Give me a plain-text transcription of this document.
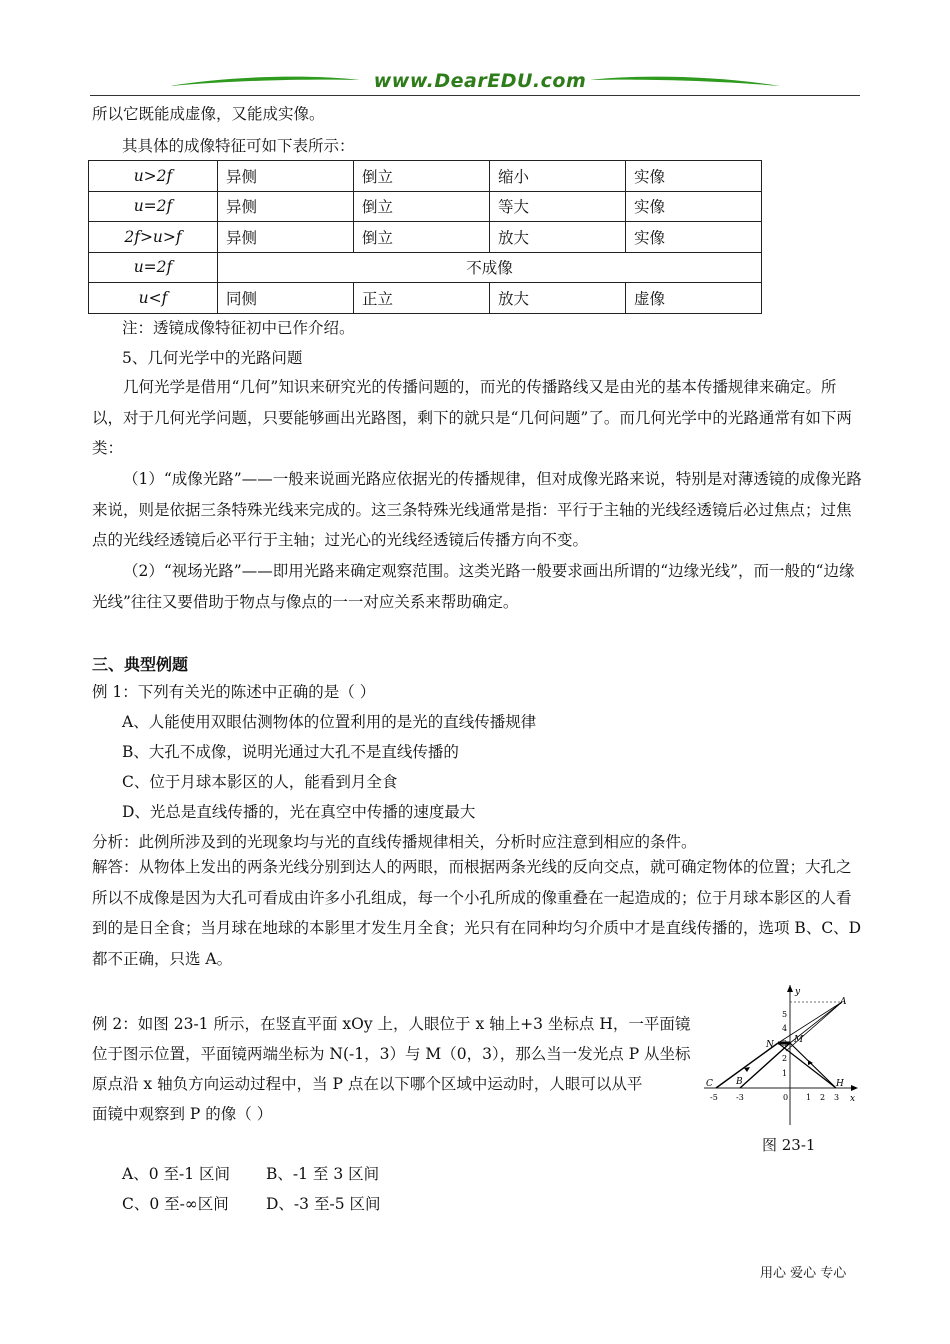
www.DearEDU.com
所以它既能成虚像，又能成实像。
其具体的成像特征可如下表所示：
u>2f	异侧	倒立	缩小	实像
u=2f	异侧	倒立	等大	实像
2f>u>f	异侧	倒立	放大	实像
u=2f	不成像			
u<f	同侧	正立	放大	虚像
注：透镜成像特征初中已作介绍。
5、几何光学中的光路问题
几何光学是借用“几何”知识来研究光的传播问题的，而光的传播路线又是由光的基本传播规律来确定。所以，对于几何光学问题，只要能够画出光路图，剩下的就只是“几何问题”了。而几何光学中的光路通常有如下两类：
（1）“成像光路”——一般来说画光路应依据光的传播规律，但对成像光路来说，特别是对薄透镜的成像光路来说，则是依据三条特殊光线来完成的。这三条特殊光线通常是指：平行于主轴的光线经透镜后必过焦点；过焦点的光线经透镜后必平行于主轴；过光心的光线经透镜后传播方向不变。
（2）“视场光路”——即用光路来确定观察范围。这类光路一般要求画出所谓的“边缘光线”，而一般的“边缘光线”往往又要借助于物点与像点的一一对应关系来帮助确定。
三、典型例题
例 1：下列有关光的陈述中正确的是（ ）
A、人能使用双眼估测物体的位置利用的是光的直线传播规律
B、大孔不成像，说明光通过大孔不是直线传播的
C、位于月球本影区的人，能看到月全食
D、光总是直线传播的，光在真空中传播的速度最大
分析：此例所涉及到的光现象均与光的直线传播规律相关，分析时应注意到相应的条件。
解答：从物体上发出的两条光线分别到达人的两眼，而根据两条光线的反向交点，就可确定物体的位置；大孔之所以不成像是因为大孔可看成由许多小孔组成，每一个小孔所成的像重叠在一起造成的；位于月球本影区的人看到的是日全食；当月球在地球的本影里才发生月全食；光只有在同种均匀介质中才是直线传播的，选项 B、C、D 都不正确，只选 A。
例 2：如图 23-1 所示，在竖直平面 xOy 上，人眼位于 x 轴上+3 坐标点 H，一平面镜
位于图示位置，平面镜两端坐标为 N(-1，3）与 M（0，3），那么当一发光点 P 从坐标
原点沿 x 轴负方向运动过程中，当 P 点在以下哪个区域中运动时，人眼可以从平
面镜中观察到 P 的像（ ）
y
x
A
N M
C	B	H
0
-5 -3	1 2 3
1
2
3
4
5
图 23-1
A、0 至-1 区间 B、-1 至 3 区间
C、0 至-∞区间 D、-3 至-5 区间
用心 爱心 专心
